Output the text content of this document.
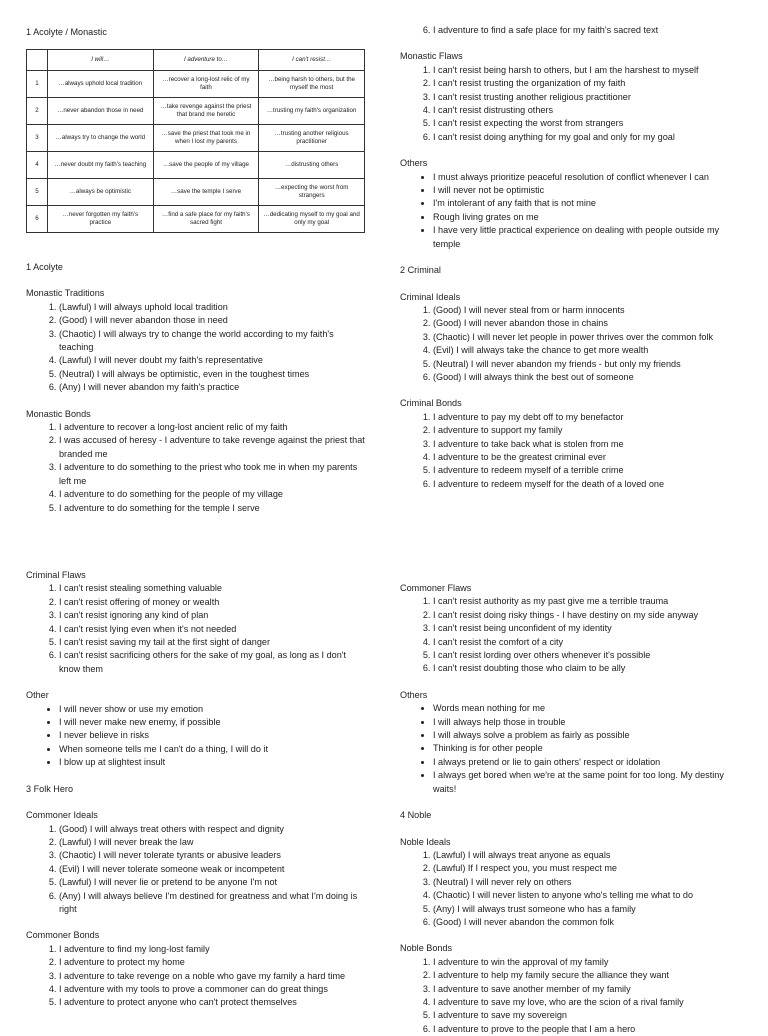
1 Acolyte / Monastic
	I will…	I adventure to…	I can't resist…
1	…always uphold local tradition	…recover a long-lost relic of my faith	…being harsh to others, but the myself the most
2	…never abandon those in need	…take revenge against the priest that brand me heretic	…trusting my faith's organization
3	…always try to change the world	…save the priest that took me in when I lost my parents	…trusting another religious practitioner
4	…never doubt my faith's teaching	…save the people of my village	…distrusting others
5	…always be optimistic	…save the temple I serve	…expecting the worst from strangers
6	…never forgotten my faith's practice	…find a safe place for my faith's sacred fight	…dedicating myself to my goal and only my goal
1 Acolyte
Monastic Traditions
1. (Lawful) I will always uphold local tradition
2. (Good) I will never abandon those in need
3. (Chaotic) I will always try to change the world according to my faith's teaching
4. (Lawful) I will never doubt my faith's representative
5. (Neutral) I will always be optimistic, even in the toughest times
6. (Any) I will never abandon my faith's practice
Monastic Bonds
1. I adventure to recover a long-lost ancient relic of my faith
2. I was accused of heresy - I adventure to take revenge against the priest that branded me
3. I adventure to do something to the priest who took me in when my parents left me
4. I adventure to do something for the people of my village
5. I adventure to do something for the temple I serve
6. I adventure to find a safe place for my faith's sacred text
Monastic Flaws
1. I can't resist being harsh to others, but I am the harshest to myself
2. I can't resist trusting the organization of my faith
3. I can't resist trusting another religious practitioner
4. I can't resist distrusting others
5. I can't resist expecting the worst from strangers
6. I can't resist doing anything for my goal and only for my goal
Others
• I must always prioritize peaceful resolution of conflict whenever I can
• I will never not be optimistic
• I'm intolerant of any faith that is not mine
• Rough living grates on me
• I have very little practical experience on dealing with people outside my temple
2 Criminal
Criminal Ideals
1. (Good) I will never steal from or harm innocents
2. (Good) I will never abandon those in chains
3. (Chaotic) I will never let people in power thrives over the common folk
4. (Evil) I will always take the chance to get more wealth
5. (Neutral) I will never abandon my friends - but only my friends
6. (Good) I will always think the best out of someone
Criminal Bonds
1. I adventure to pay my debt off to my benefactor
2. I adventure to support my family
3. I adventure to take back what is stolen from me
4. I adventure to be the greatest criminal ever
5. I adventure to redeem myself of a terrible crime
6. I adventure to redeem myself for the death of a loved one
Criminal Flaws
1. I can't resist stealing something valuable
2. I can't resist offering of money or wealth
3. I can't resist ignoring any kind of plan
4. I can't resist lying even when it's not needed
5. I can't resist saving my tail at the first sight of danger
6. I can't resist sacrificing others for the sake of my goal, as long as I don't know them
Other
• I will never show or use my emotion
• I will never make new enemy, if possible
• I never believe in risks
• When someone tells me I can't do a thing, I will do it
• I blow up at slightest insult
3 Folk Hero
Commoner Ideals
1. (Good) I will always treat others with respect and dignity
2. (Lawful) I will never break the law
3. (Chaotic) I will never tolerate tyrants or abusive leaders
4. (Evil) I will never tolerate someone weak or incompetent
5. (Lawful) I will never lie or pretend to be anyone I'm not
6. (Any) I will always believe I'm destined for greatness and what I'm doing is right
Commoner Bonds
1. I adventure to find my long-lost family
2. I adventure to protect my home
3. I adventure to take revenge on a noble who gave my family a hard time
4. I adventure with my tools to prove a commoner can do great things
5. I adventure to protect anyone who can't protect themselves
Commoner Flaws
1. I can't resist authority as my past give me a terrible trauma
2. I can't resist doing risky things - I have destiny on my side anyway
3. I can't resist being unconfident of my identity
4. I can't resist the comfort of a city
5. I can't resist lording over others whenever it's possible
6. I can't resist doubting those who claim to be ally
Others
• Words mean nothing for me
• I will always help those in trouble
• I will always solve a problem as fairly as possible
• Thinking is for other people
• I always pretend or lie to gain others' respect or idolation
• I always get bored when we're at the same point for too long. My destiny waits!
4 Noble
Noble Ideals
1. (Lawful) I will always treat anyone as equals
2. (Lawful) If I respect you, you must respect me
3. (Neutral) I will never rely on others
4. (Chaotic) I will never listen to anyone who's telling me what to do
5. (Any) I will always trust someone who has a family
6. (Good) I will never abandon the common folk
Noble Bonds
1. I adventure to win the approval of my family
2. I adventure to help my family secure the alliance they want
3. I adventure to save another member of my family
4. I adventure to save my love, who are the scion of a rival family
5. I adventure to save my sovereign
6. I adventure to prove to the people that I am a hero
